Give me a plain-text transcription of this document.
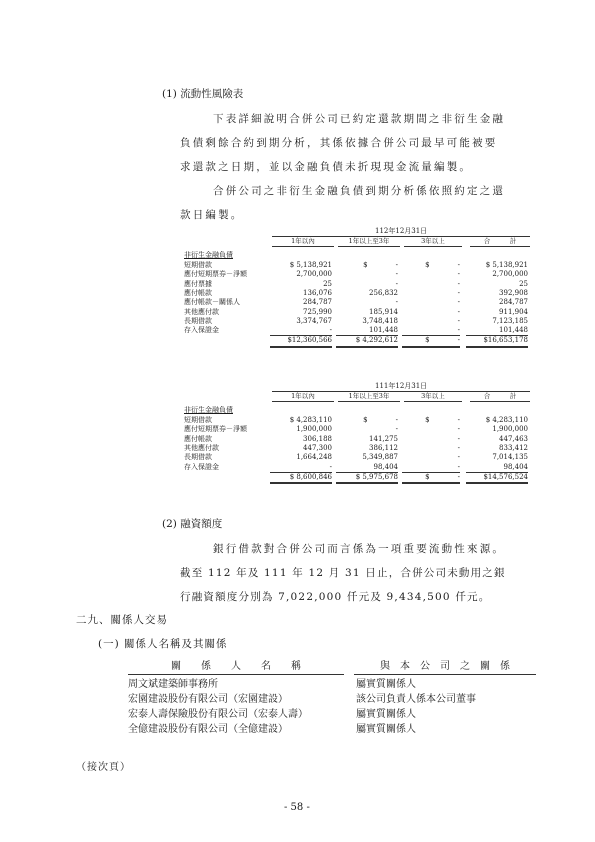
(1) 流動性風險表
下表詳細說明合併公司已約定還款期間之非衍生金融
負債剩餘合約到期分析，其係依據合併公司最早可能被要
求還款之日期，並以金融負債未折現現金流量編製。
合併公司之非衍生金融負債到期分析係依照約定之還
款日編製。
112年12月31日
1年以內	1年以上至3年	3年以上	合　　　計
非衍生金融負債
短期借款	$ 5,138,921	$　　　　-	$　　　　-	$ 5,138,921
應付短期票券－淨額	2,700,000	-	-	2,700,000
應付票據	25	-	-	25
應付帳款	136,076	256,832	-	392,908
應付帳款－關係人	284,787	-	-	284,787
其他應付款	725,990	185,914	-	911,904
長期借款	3,374,767	3,748,418	-	7,123,185
存入保證金	-	101,448	-	101,448
$12,360,566	$ 4,292,612	$　　　　-	$16,653,178
111年12月31日
1年以內	1年以上至3年	3年以上	合　　　計
非衍生金融負債
短期借款	$ 4,283,110	$　　　　-	$　　　　-	$ 4,283,110
應付短期票券－淨額	1,900,000	-	-	1,900,000
應付帳款	306,188	141,275	-	447,463
其他應付款	447,300	386,112	-	833,412
長期借款	1,664,248	5,349,887	-	7,014,135
存入保證金	-	98,404	-	98,404
$ 8,600,846	$ 5,975,678	$　　　　-	$14,576,524
(2) 融資額度
銀行借款對合併公司而言係為一項重要流動性來源。
截至 112 年及 111 年 12 月 31 日止，合併公司未動用之銀
行融資額度分別為 7,022,000 仟元及 9,434,500 仟元。
二九、關係人交易
(一) 關係人名稱及其關係
關　　係　　人　　名　　稱	與　本　公　司　之　關　係
周文斌建築師事務所	屬實質關係人
宏園建設股份有限公司（宏園建設）	該公司負責人係本公司董事
宏泰人壽保險股份有限公司（宏泰人壽）	屬實質關係人
全億建設股份有限公司（全億建設）	屬實質關係人
（接次頁）
- 58 -
